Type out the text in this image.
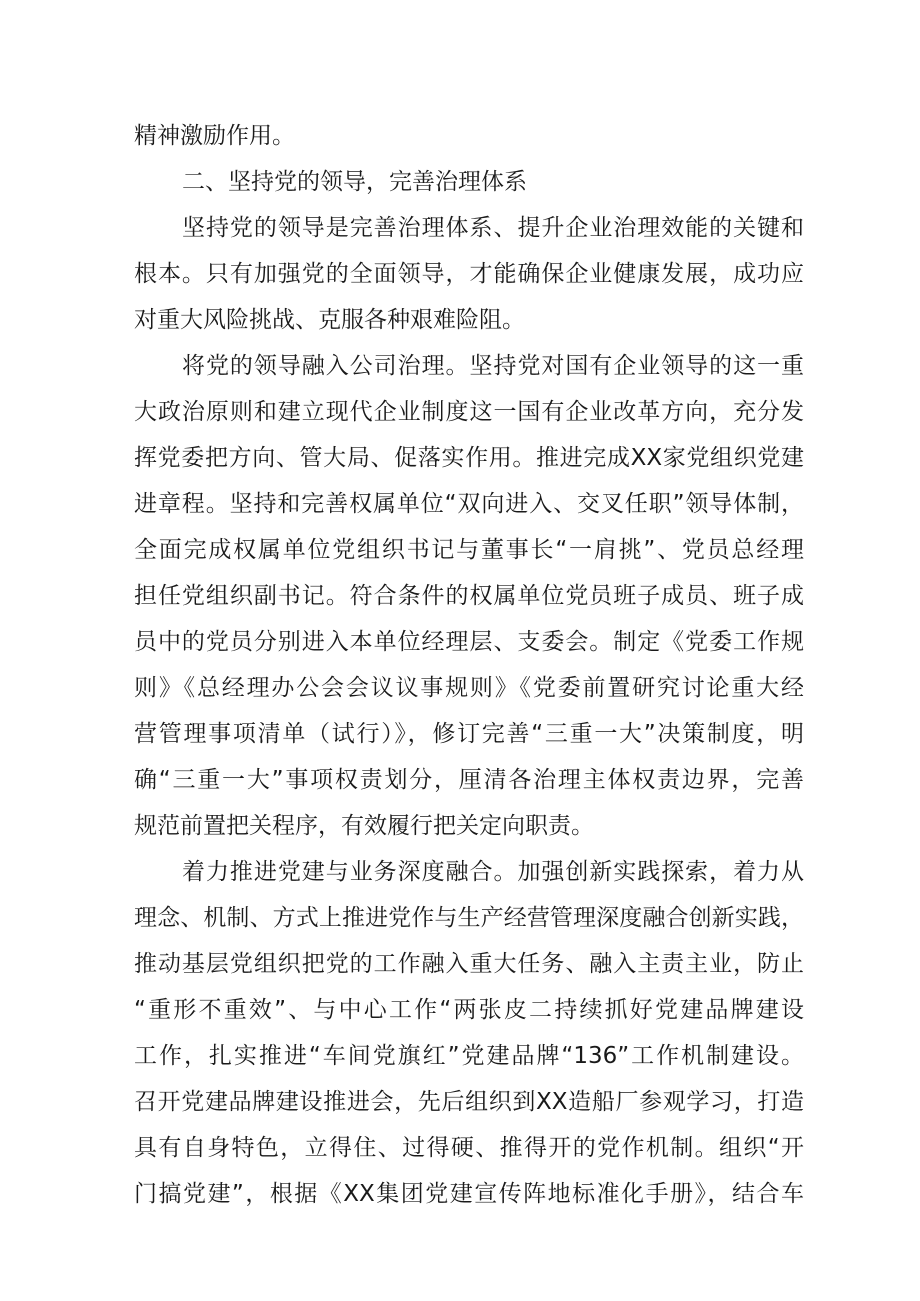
精神激励作用。
二、坚持党的领导，完善治理体系
坚持党的领导是完善治理体系、提升企业治理效能的关键和
根本。只有加强党的全面领导，才能确保企业健康发展，成功应
对重大风险挑战、克服各种艰难险阻。
将党的领导融入公司治理。坚持党对国有企业领导的这一重
大政治原则和建立现代企业制度这一国有企业改革方向，充分发
挥党委把方向、管大局、促落实作用。推进完成XX家党组织党建
进章程。坚持和完善权属单位“双向进入、交叉任职”领导体制，
全面完成权属单位党组织书记与董事长“一肩挑”、党员总经理
担任党组织副书记。符合条件的权属单位党员班子成员、班子成
员中的党员分别进入本单位经理层、支委会。制定《党委工作规
则》《总经理办公会会议议事规则》《党委前置研究讨论重大经
营管理事项清单（试行）》，修订完善“三重一大”决策制度，明
确“三重一大”事项权责划分，厘清各治理主体权责边界，完善
规范前置把关程序，有效履行把关定向职责。
着力推进党建与业务深度融合。加强创新实践探索，着力从
理念、机制、方式上推进党作与生产经营管理深度融合创新实践，
推动基层党组织把党的工作融入重大任务、融入主责主业，防止
“重形不重效”、与中心工作“两张皮二持续抓好党建品牌建设
工作，扎实推进“车间党旗红”党建品牌“136”工作机制建设。
召开党建品牌建设推进会，先后组织到XX造船厂参观学习，打造
具有自身特色，立得住、过得硬、推得开的党作机制。组织“开
门搞党建”，根据《XX集团党建宣传阵地标准化手册》，结合车
